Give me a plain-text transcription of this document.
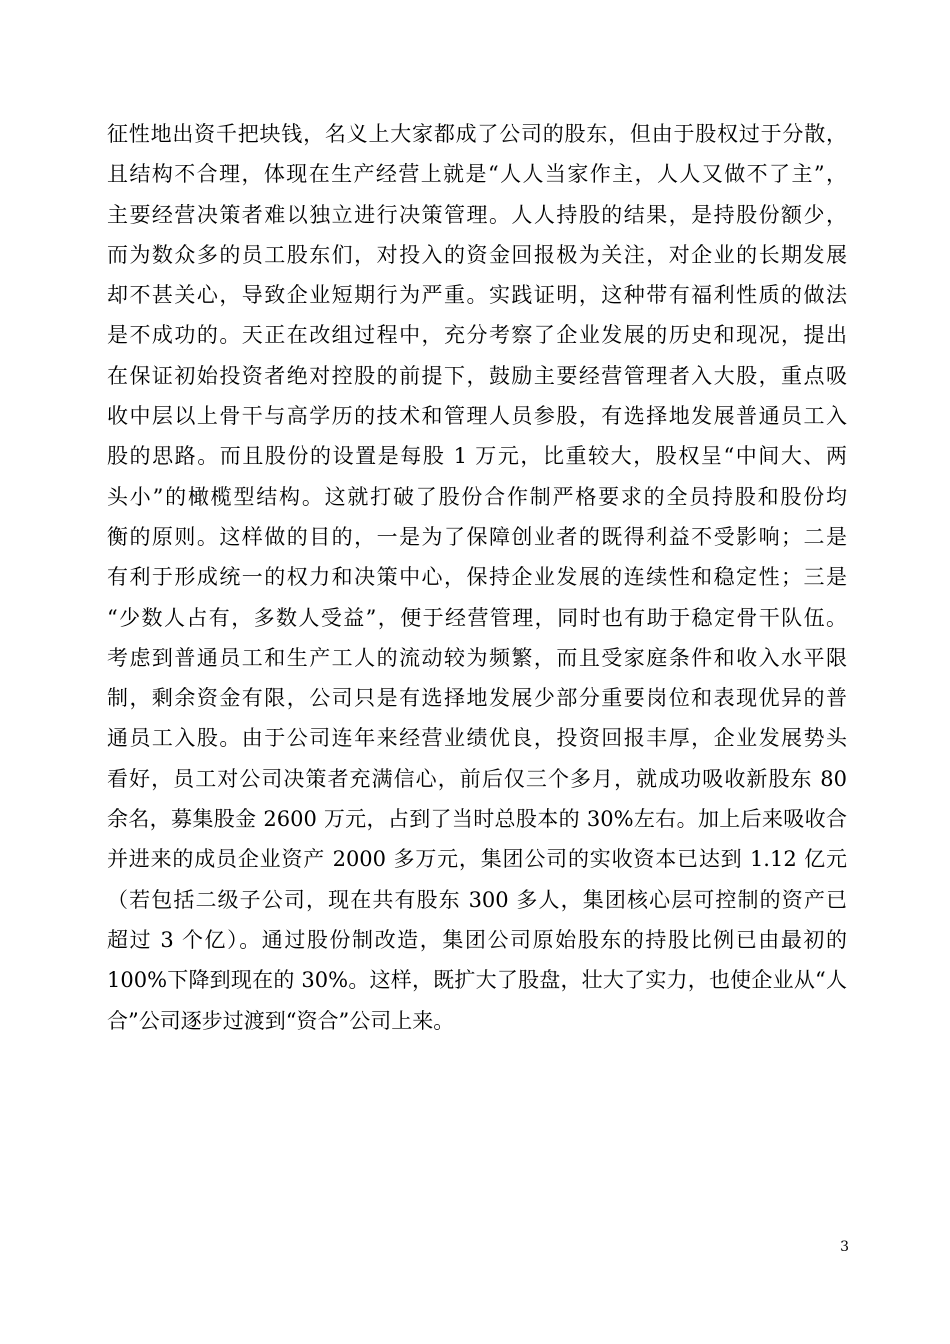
征性地出资千把块钱，名义上大家都成了公司的股东，但由于股权过于分散，
且结构不合理，体现在生产经营上就是“人人当家作主，人人又做不了主”，
主要经营决策者难以独立进行决策管理。人人持股的结果，是持股份额少，
而为数众多的员工股东们，对投入的资金回报极为关注，对企业的长期发展
却不甚关心，导致企业短期行为严重。实践证明，这种带有福利性质的做法
是不成功的。天正在改组过程中，充分考察了企业发展的历史和现况，提出
在保证初始投资者绝对控股的前提下，鼓励主要经营管理者入大股，重点吸
收中层以上骨干与高学历的技术和管理人员参股，有选择地发展普通员工入
股的思路。而且股份的设置是每股 1 万元，比重较大，股权呈“中间大、两
头小”的橄榄型结构。这就打破了股份合作制严格要求的全员持股和股份均
衡的原则。这样做的目的，一是为了保障创业者的既得利益不受影响；二是
有利于形成统一的权力和决策中心，保持企业发展的连续性和稳定性；三是
“少数人占有，多数人受益”，便于经营管理，同时也有助于稳定骨干队伍。
考虑到普通员工和生产工人的流动较为频繁，而且受家庭条件和收入水平限
制，剩余资金有限，公司只是有选择地发展少部分重要岗位和表现优异的普
通员工入股。由于公司连年来经营业绩优良，投资回报丰厚，企业发展势头
看好，员工对公司决策者充满信心，前后仅三个多月，就成功吸收新股东 80
余名，募集股金 2600 万元，占到了当时总股本的 30%左右。加上后来吸收合
并进来的成员企业资产 2000 多万元，集团公司的实收资本已达到 1.12 亿元
（若包括二级子公司，现在共有股东 300 多人，集团核心层可控制的资产已
超过 3 个亿）。通过股份制改造，集团公司原始股东的持股比例已由最初的
100%下降到现在的 30%。这样，既扩大了股盘，壮大了实力，也使企业从“人
合”公司逐步过渡到“资合”公司上来。
3
